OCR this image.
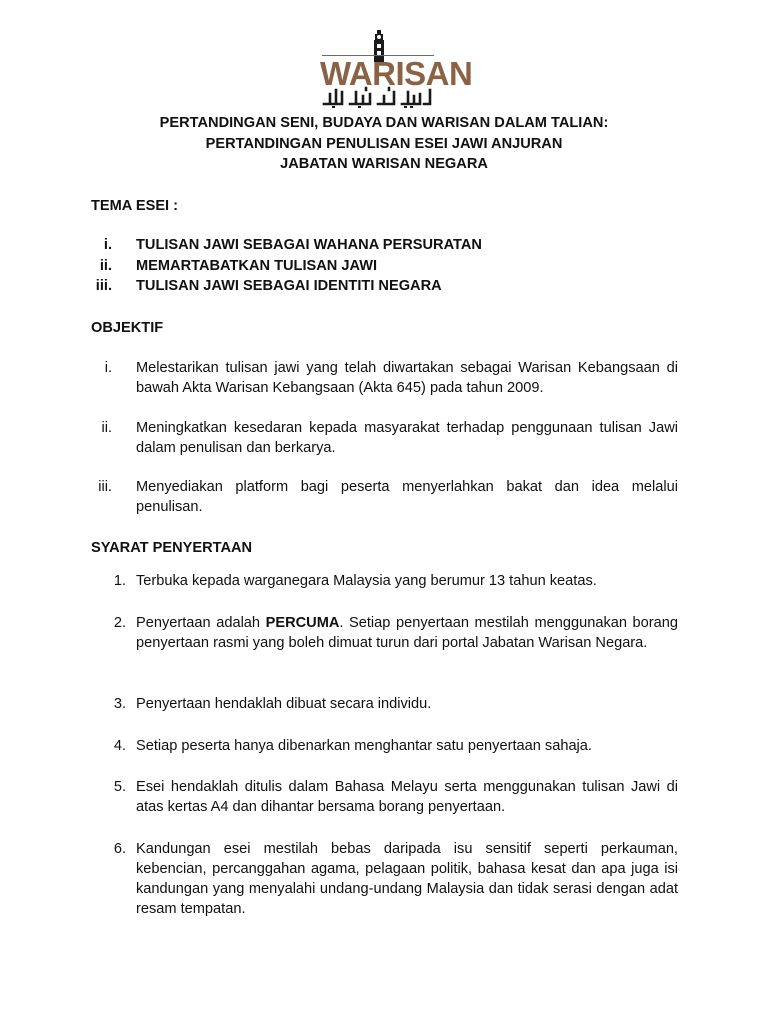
WARISAN
PERTANDINGAN SENI, BUDAYA DAN WARISAN DALAM TALIAN:
PERTANDINGAN PENULISAN ESEI JAWI ANJURAN
JABATAN WARISAN NEGARA
TEMA ESEI :
i. TULISAN JAWI SEBAGAI WAHANA PERSURATAN
ii. MEMARTABATKAN TULISAN JAWI
iii. TULISAN JAWI SEBAGAI IDENTITI NEGARA
OBJEKTIF
i. Melestarikan tulisan jawi yang telah diwartakan sebagai Warisan Kebangsaan di bawah Akta Warisan Kebangsaan (Akta 645) pada tahun 2009.
ii. Meningkatkan kesedaran kepada masyarakat terhadap penggunaan tulisan Jawi dalam penulisan dan berkarya.
iii. Menyediakan platform bagi peserta menyerlahkan bakat dan idea melalui penulisan.
SYARAT PENYERTAAN
1. Terbuka kepada warganegara Malaysia yang berumur 13 tahun keatas.
2. Penyertaan adalah PERCUMA. Setiap penyertaan mestilah menggunakan borang penyertaan rasmi yang boleh dimuat turun dari portal Jabatan Warisan Negara.
3. Penyertaan hendaklah dibuat secara individu.
4. Setiap peserta hanya dibenarkan menghantar satu penyertaan sahaja.
5. Esei hendaklah ditulis dalam Bahasa Melayu serta menggunakan tulisan Jawi di atas kertas A4 dan dihantar bersama borang penyertaan.
6. Kandungan esei mestilah bebas daripada isu sensitif seperti perkauman, kebencian, percanggahan agama, pelagaan politik, bahasa kesat dan apa juga isi kandungan yang menyalahi undang-undang Malaysia dan tidak serasi dengan adat resam tempatan.
